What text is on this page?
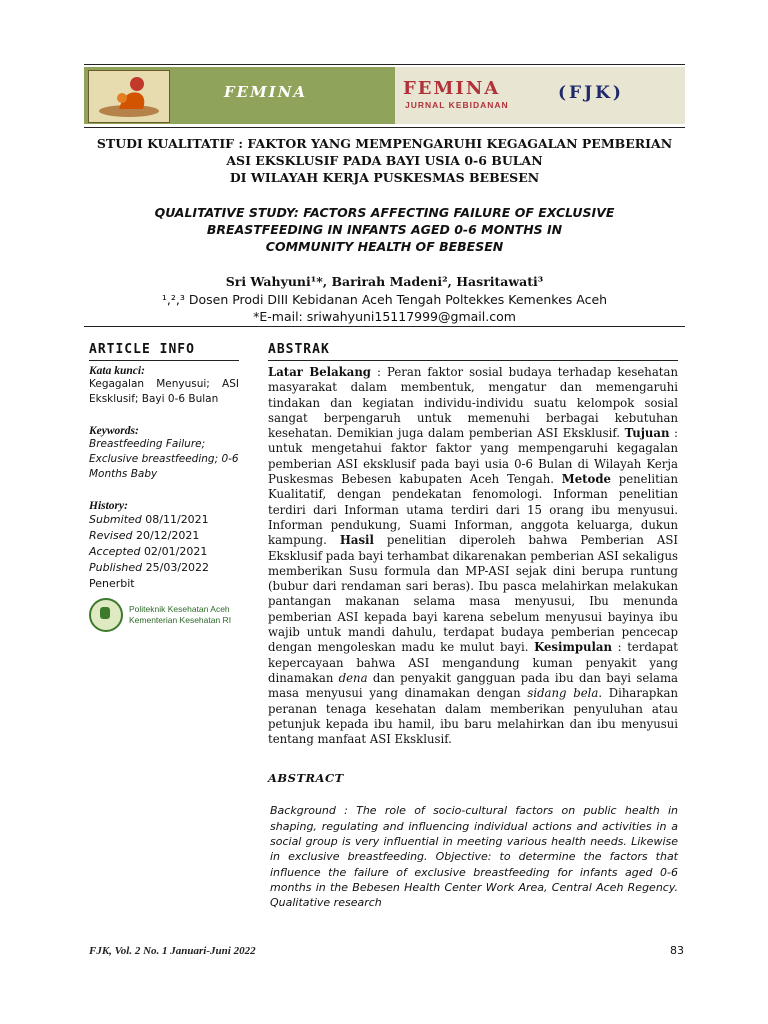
FEMINA	FEMINA
JURNAL KEBIDANAN
(FJK)
STUDI KUALITATIF : FAKTOR YANG MEMPENGARUHI KEGAGALAN PEMBERIAN
ASI EKSKLUSIF PADA BAYI USIA 0-6 BULAN
DI WILAYAH KERJA PUSKESMAS BEBESEN
QUALITATIVE STUDY: FACTORS AFFECTING FAILURE OF EXCLUSIVE
BREASTFEEDING IN INFANTS AGED 0-6 MONTHS IN
COMMUNITY HEALTH OF BEBESEN
Sri Wahyuni¹*, Barirah Madeni², Hasritawati³
¹,²,³ Dosen Prodi DIII Kebidanan Aceh Tengah Poltekkes Kemenkes Aceh
*E-mail: sriwahyuni15117999@gmail.com
ARTICLE INFO
Kata kunci:
Kegagalan Menyusui; ASI Eksklusif; Bayi 0-6 Bulan
Keywords:
Breastfeeding Failure; Exclusive breastfeeding; 0-6 Months Baby
History:
Submited 08/11/2021
Revised 20/12/2021
Accepted 02/01/2021
Published 25/03/2022
Penerbit
Politeknik Kesehatan Aceh
Kementerian Kesehatan RI
ABSTRAK
Latar Belakang : Peran faktor sosial budaya terhadap kesehatan masyarakat dalam membentuk, mengatur dan memengaruhi tindakan dan kegiatan individu-individu suatu kelompok sosial sangat berpengaruh untuk memenuhi berbagai kebutuhan kesehatan. Demikian juga dalam pemberian ASI Eksklusif. Tujuan : untuk mengetahui faktor faktor yang mempengaruhi kegagalan pemberian ASI eksklusif pada bayi usia 0-6 Bulan di Wilayah Kerja Puskesmas Bebesen kabupaten Aceh Tengah. Metode penelitian Kualitatif, dengan pendekatan fenomologi. Informan penelitian terdiri dari Informan utama terdiri dari 15 orang ibu menyusui. Informan pendukung, Suami Informan, anggota keluarga, dukun kampung. Hasil penelitian diperoleh bahwa Pemberian ASI Eksklusif pada bayi terhambat dikarenakan pemberian ASI sekaligus memberikan Susu formula dan MP-ASI sejak dini berupa runtung (bubur dari rendaman sari beras). Ibu pasca melahirkan melakukan pantangan makanan selama masa menyusui, Ibu menunda pemberian ASI kepada bayi karena sebelum menyusui bayinya ibu wajib untuk mandi dahulu, terdapat budaya pemberian pencecap dengan mengoleskan madu ke mulut bayi. Kesimpulan : terdapat kepercayaan bahwa ASI mengandung kuman penyakit yang dinamakan dena dan penyakit gangguan pada ibu dan bayi selama masa menyusui yang dinamakan dengan sidang bela. Diharapkan peranan tenaga kesehatan dalam memberikan penyuluhan atau petunjuk kepada ibu hamil, ibu baru melahirkan dan ibu menyusui tentang manfaat ASI Eksklusif.
ABSTRACT
Background : The role of socio-cultural factors on public health in shaping, regulating and influencing individual actions and activities in a social group is very influential in meeting various health needs. Likewise in exclusive breastfeeding. Objective: to determine the factors that influence the failure of exclusive breastfeeding for infants aged 0-6 months in the Bebesen Health Center Work Area, Central Aceh Regency. Qualitative research
FJK, Vol. 2 No. 1 Januari-Juni 2022	83
